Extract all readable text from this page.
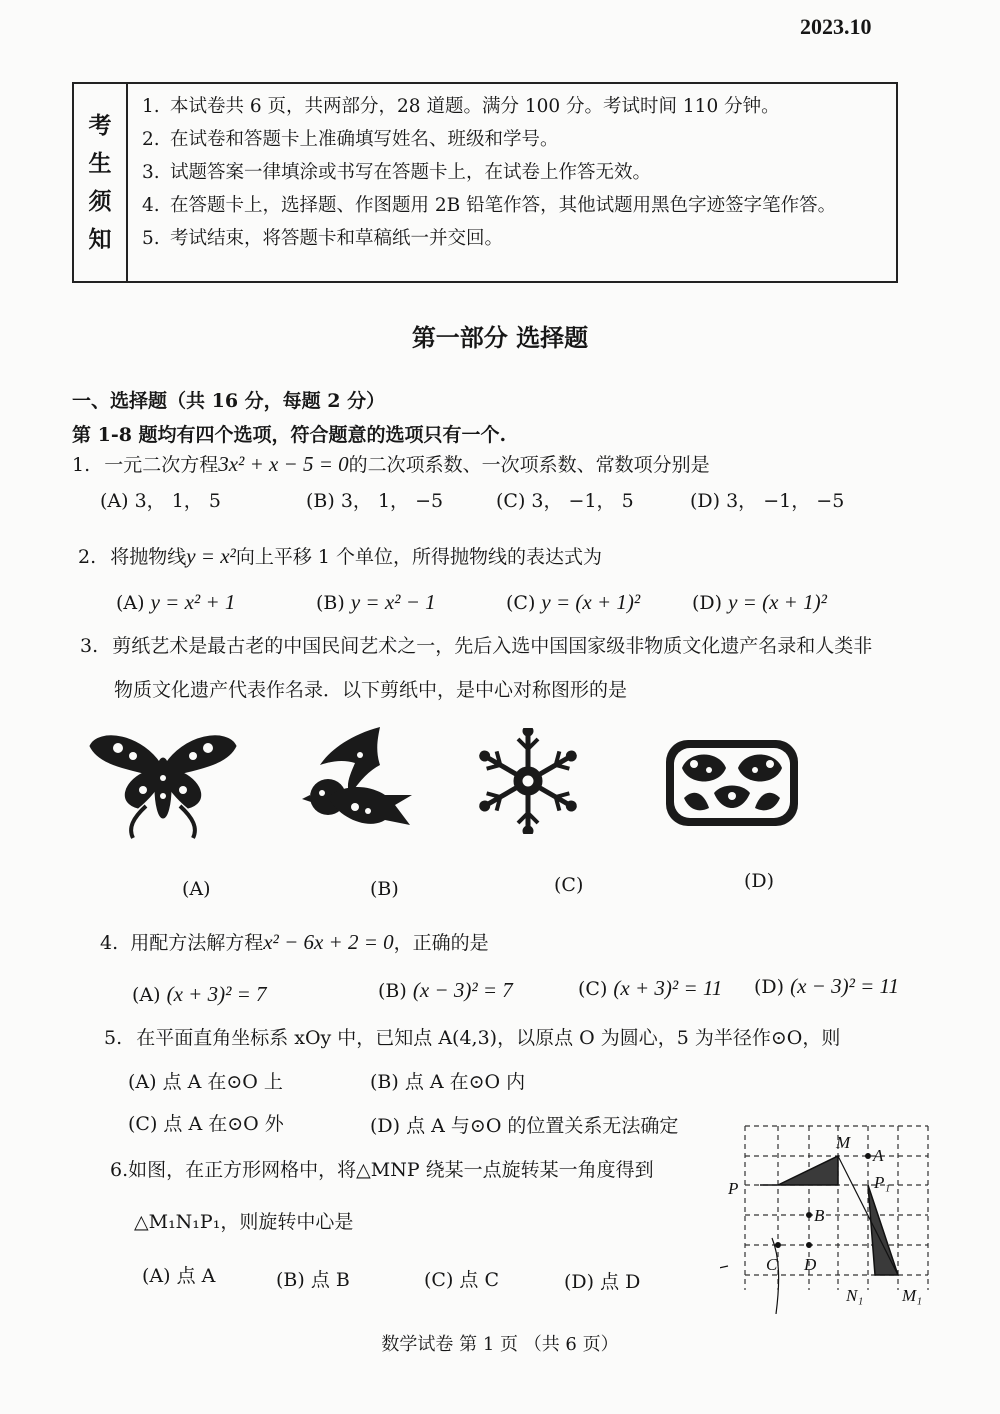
2023.10
考
生
须
知
1. 本试卷共 6 页，共两部分，28 道题。满分 100 分。考试时间 110 分钟。
2. 在试卷和答题卡上准确填写姓名、班级和学号。
3. 试题答案一律填涂或书写在答题卡上，在试卷上作答无效。
4. 在答题卡上，选择题、作图题用 2B 铅笔作答，其他试题用黑色字迹签字笔作答。
5. 考试结束，将答题卡和草稿纸一并交回。
第一部分 选择题
一、选择题（共 16 分，每题 2 分）
第 1-8 题均有四个选项，符合题意的选项只有一个.
1. 一元二次方程3x² + x − 5 = 0的二次项系数、一次项系数、常数项分别是
(A) 3， 1， 5	(B) 3， 1， −5	(C) 3， −1， 5	(D) 3， −1， −5
2. 将抛物线y = x²向上平移 1 个单位，所得抛物线的表达式为
(A) y = x² + 1	(B) y = x² − 1	(C) y = (x + 1)²	(D) y = (x + 1)²
3. 剪纸艺术是最古老的中国民间艺术之一，先后入选中国国家级非物质文化遗产名录和人类非
物质文化遗产代表作名录．以下剪纸中，是中心对称图形的是
(A)	(B)	(C)	(D)
4. 用配方法解方程x² − 6x + 2 = 0，正确的是
(A) (x + 3)² = 7	(B) (x − 3)² = 7	(C) (x + 3)² = 11 (D) (x − 3)² = 11
5. 在平面直角坐标系 xOy 中，已知点 A(4,3)，以原点 O 为圆心，5 为半径作⊙O，则
(A) 点 A 在⊙O 上	(B) 点 A 在⊙O 内
(C) 点 A 在⊙O 外	(D) 点 A 与⊙O 的位置关系无法确定
6.如图，在正方形网格中，将△MNP 绕某一点旋转某一角度得到
△M₁N₁P₁，则旋转中心是
(A) 点 A	(B) 点 B	(C) 点 C	(D) 点 D
M
A
P	P₁
B
C D
N₁ M₁
数学试卷 第 1 页 （共 6 页）
